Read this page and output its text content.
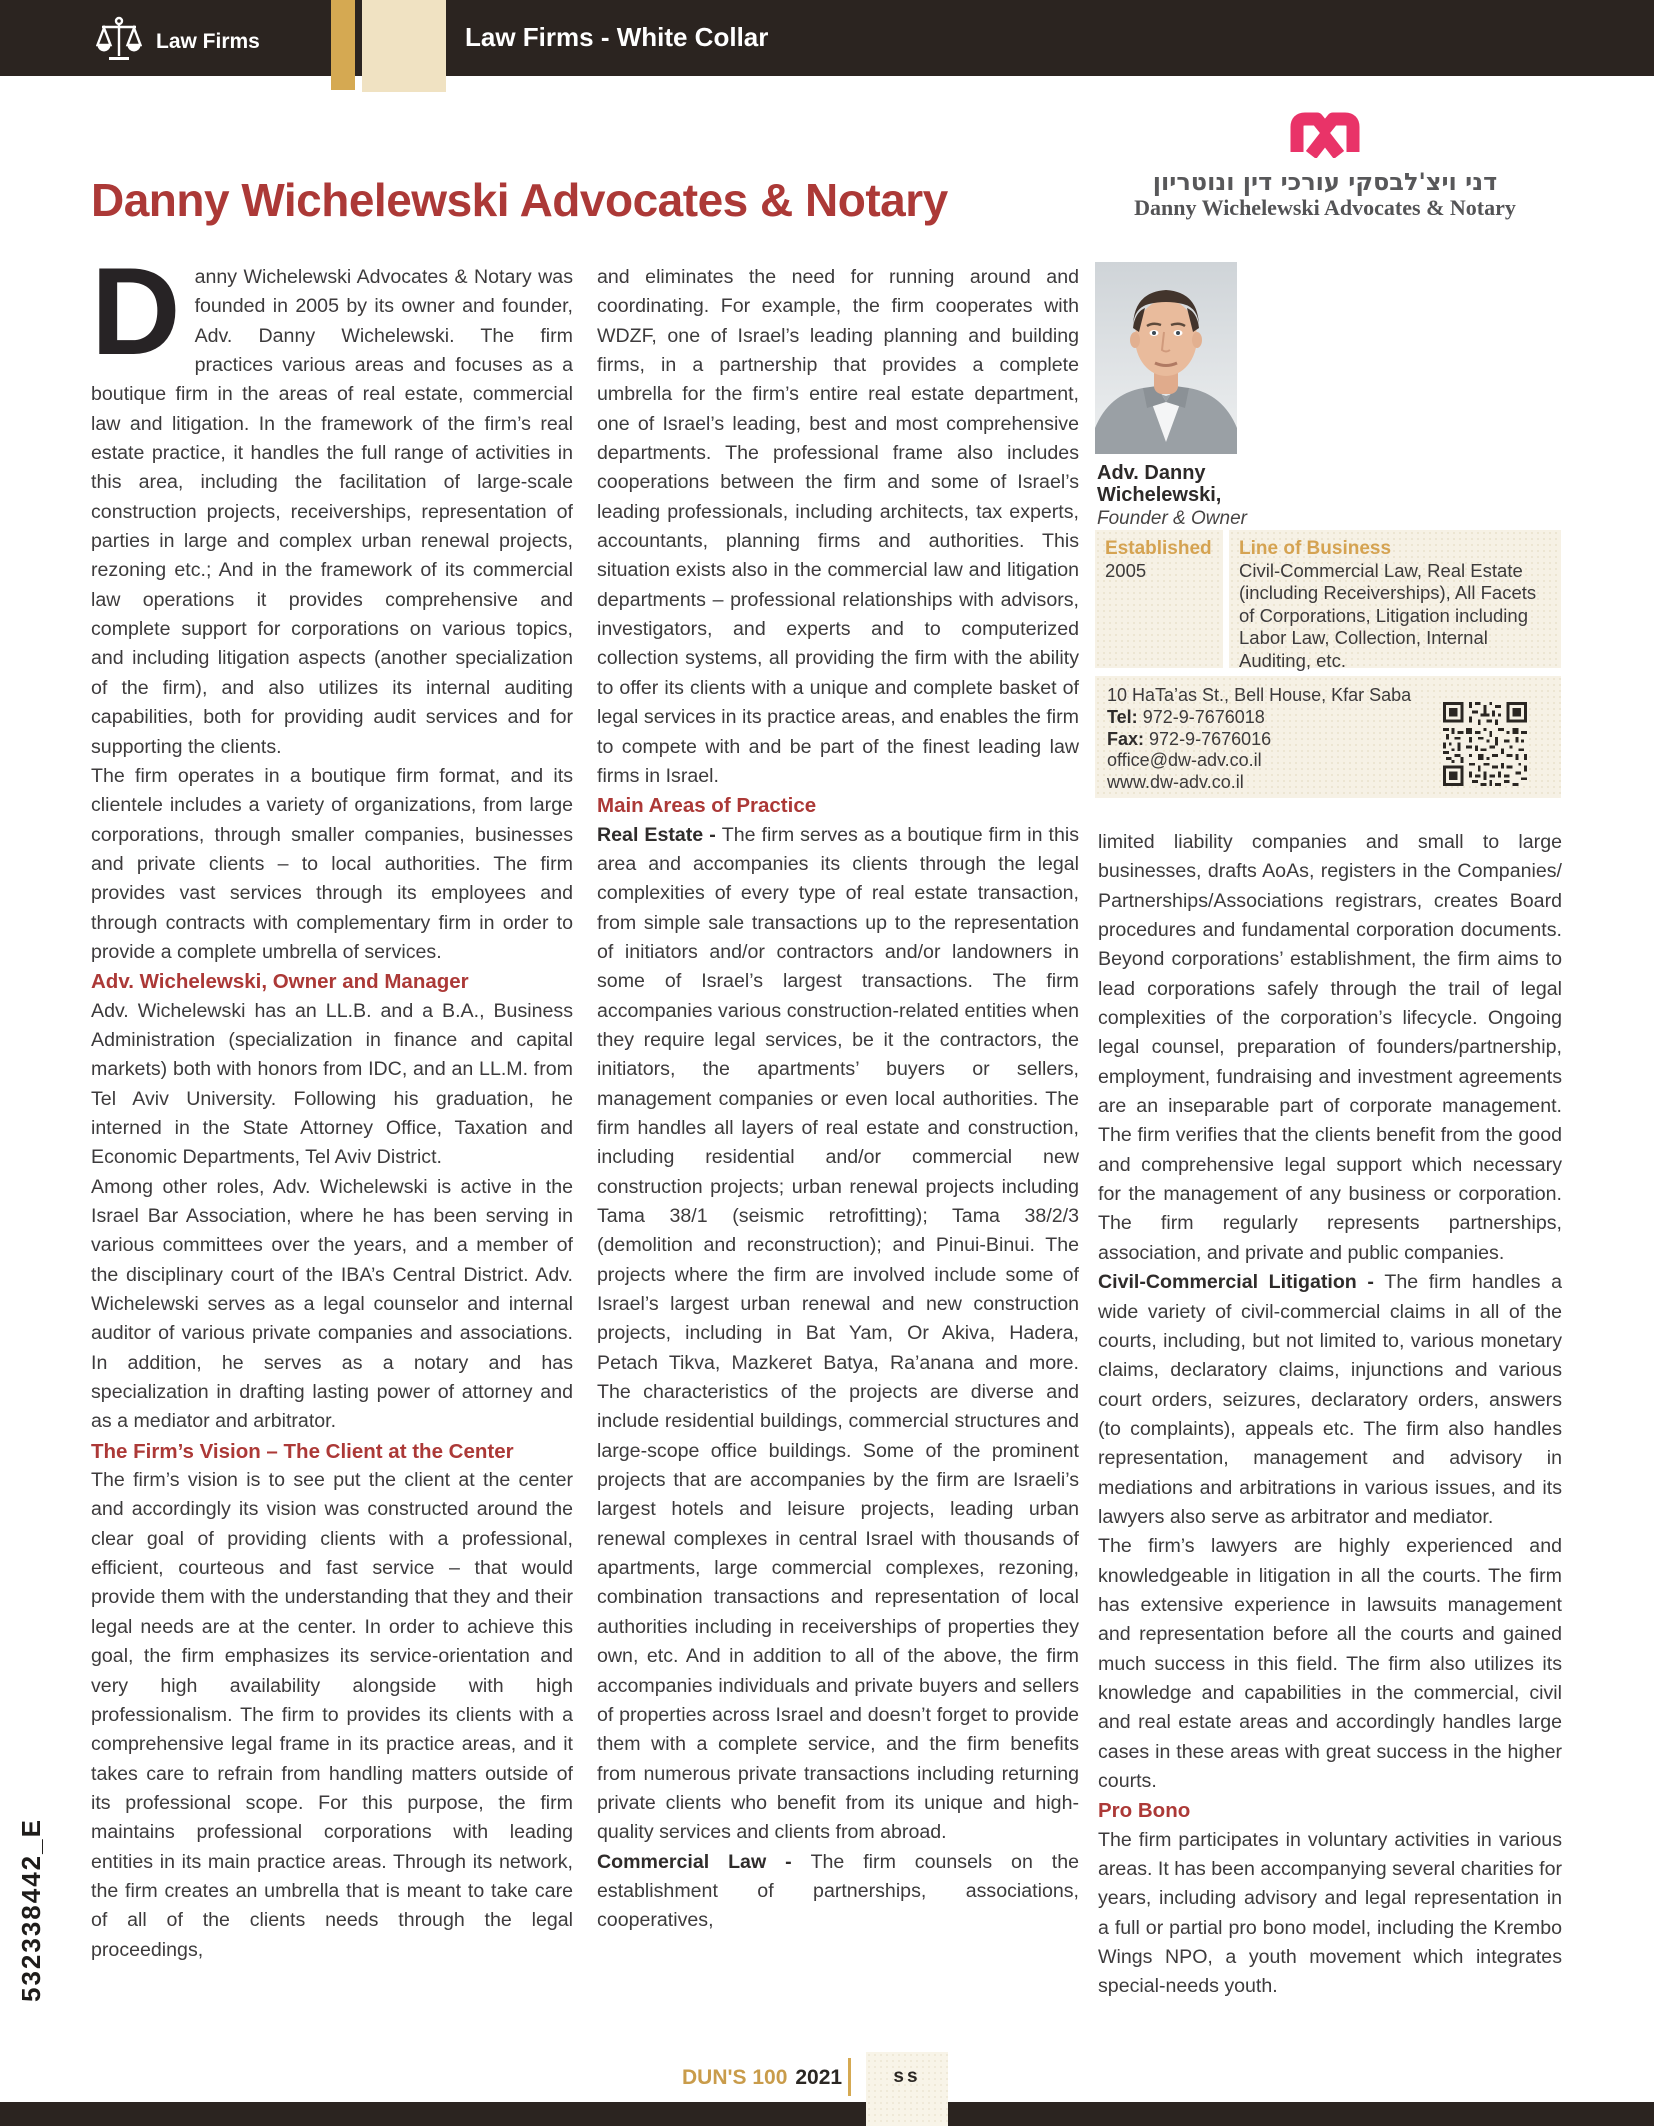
Law Firms	Law Firms - White Collar
Danny Wichelewski Advocates & Notary	דני ויצ'לבסקי עורכי דין ונוטריון
Danny Wichelewski Advocates & Notary
Adv. Danny
Wichelewski,
Founder & Owner
Established
2005
Line of Business
Civil-Commercial Law, Real Estate (including Receiverships), All Facets of Corporations, Litigation including Labor Law, Collection, Internal Auditing, etc.
10 HaTa’as St., Bell House, Kfar Saba
Tel: 972-9-7676018
Fax: 972-9-7676016
office@dw-adv.co.il
www.dw-adv.co.il

Danny Wichelewski Advocates & Notary was founded in 2005 by its owner and founder, Adv. Danny Wichelewski. The firm practices various areas and focuses as a boutique firm in the areas of real estate, commercial law and litigation. In the framework of the firm’s real estate practice, it handles the full range of activities in this area, including the facilitation of large-scale construction projects, receiverships, representation of parties in large and complex urban renewal projects, rezoning etc.; And in the framework of its commercial law operations it provides comprehensive and complete support for corporations on various topics, and including litigation aspects (another specialization of the firm), and also utilizes its internal auditing capabilities, both for providing audit services and for supporting the clients.

The firm operates in a boutique firm format, and its clientele includes a variety of organizations, from large corporations, through smaller companies, businesses and private clients – to local authorities. The firm provides vast services through its employees and through contracts with complementary firm in order to provide a complete umbrella of services.

Adv. Wichelewski, Owner and Manager

Adv. Wichelewski has an LL.B. and a B.A., Business Administration (specialization in finance and capital markets) both with honors from IDC, and an LL.M. from Tel Aviv University. Following his graduation, he interned in the State Attorney Office, Taxation and Economic Departments, Tel Aviv District.

Among other roles, Adv. Wichelewski is active in the Israel Bar Association, where he has been serving in various committees over the years, and a member of the disciplinary court of the IBA’s Central District. Adv. Wichelewski serves as a legal counselor and internal auditor of various private companies and associations. In addition, he serves as a notary and has specialization in drafting lasting power of attorney and as a mediator and arbitrator.

The Firm’s Vision – The Client at the Center

The firm’s vision is to see put the client at the center and accordingly its vision was constructed around the clear goal of providing clients with a professional, efficient, courteous and fast service – that would provide them with the understanding that they and their legal needs are at the center. In order to achieve this goal, the firm emphasizes its service-orientation and very high availability alongside with high professionalism. The firm to provides its clients with a comprehensive legal frame in its practice areas, and it takes care to refrain from handling matters outside of its professional scope. For this purpose, the firm maintains professional corporations with leading entities in its main practice areas. Through its network, the firm creates an umbrella that is meant to take care of all of the clients needs through the legal proceedings,

and eliminates the need for running around and coordinating. For example, the firm cooperates with WDZF, one of Israel’s leading planning and building firms, in a partnership that provides a complete umbrella for the firm’s entire real estate department, one of Israel’s leading, best and most comprehensive departments. The professional frame also includes cooperations between the firm and some of Israel’s leading professionals, including architects, tax experts, accountants, planning firms and authorities. This situation exists also in the commercial law and litigation departments – professional relationships with advisors, investigators, and experts and to computerized collection systems, all providing the firm with the ability to offer its clients with a unique and complete basket of legal services in its practice areas, and enables the firm to compete with and be part of the finest leading law firms in Israel.

Main Areas of Practice

Real Estate - The firm serves as a boutique firm in this area and accompanies its clients through the legal complexities of every type of real estate transaction, from simple sale transactions up to the representation of initiators and/or contractors and/or landowners in some of Israel’s largest transactions. The firm accompanies various construction-related entities when they require legal services, be it the contractors, the initiators, the apartments’ buyers or sellers, management companies or even local authorities. The firm handles all layers of real estate and construction, including residential and/or commercial new construction projects; urban renewal projects including Tama 38/1 (seismic retrofitting); Tama 38/2/3 (demolition and reconstruction); and Pinui-Binui. The projects where the firm are involved include some of Israel’s largest urban renewal and new construction projects, including in Bat Yam, Or Akiva, Hadera, Petach Tikva, Mazkeret Batya, Ra’anana and more. The characteristics of the projects are diverse and include residential buildings, commercial structures and large-scope office buildings. Some of the prominent projects that are accompanies by the firm are Israeli’s largest hotels and leisure projects, leading urban renewal complexes in central Israel with thousands of apartments, large commercial complexes, rezoning, combination transactions and representation of local authorities including in receiverships of properties they own, etc. And in addition to all of the above, the firm accompanies individuals and private buyers and sellers of properties across Israel and doesn’t forget to provide them with a complete service, and the firm benefits from numerous private transactions including returning private clients who benefit from its unique and high-quality services and clients from abroad.

Commercial Law - The firm counsels on the establishment of partnerships, associations, cooperatives,

limited liability companies and small to large businesses, drafts AoAs, registers in the Companies/ Partnerships/Associations registrars, creates Board procedures and fundamental corporation documents. Beyond corporations’ establishment, the firm aims to lead corporations safely through the trail of legal complexities of the corporation’s lifecycle. Ongoing legal counsel, preparation of founders/partnership, employment, fundraising and investment agreements are an inseparable part of corporate management. The firm verifies that the clients benefit from the good and comprehensive legal support which necessary for the management of any business or corporation. The firm regularly represents partnerships, association, and private and public companies.

Civil-Commercial Litigation - The firm handles a wide variety of civil-commercial claims in all of the courts, including, but not limited to, various monetary claims, declaratory claims, injunctions and various court orders, seizures, declaratory orders, answers (to complaints), appeals etc. The firm also handles representation, management and advisory in mediations and arbitrations in various issues, and its lawyers also serve as arbitrator and mediator.

The firm’s lawyers are highly experienced and knowledgeable in litigation in all the courts. The firm has extensive experience in lawsuits management and representation before all the courts and gained much success in this field. The firm also utilizes its knowledge and capabilities in the commercial, civil and real estate areas and accordingly handles large cases in these areas with great success in the higher courts.

Pro Bono

The firm participates in voluntary activities in various areas. It has been accompanying several charities for years, including advisory and legal representation in a full or partial pro bono model, including the Krembo Wings NPO, a youth movement which integrates special-needs youth.

532338442_E
DUN'S 100 2021	ss
